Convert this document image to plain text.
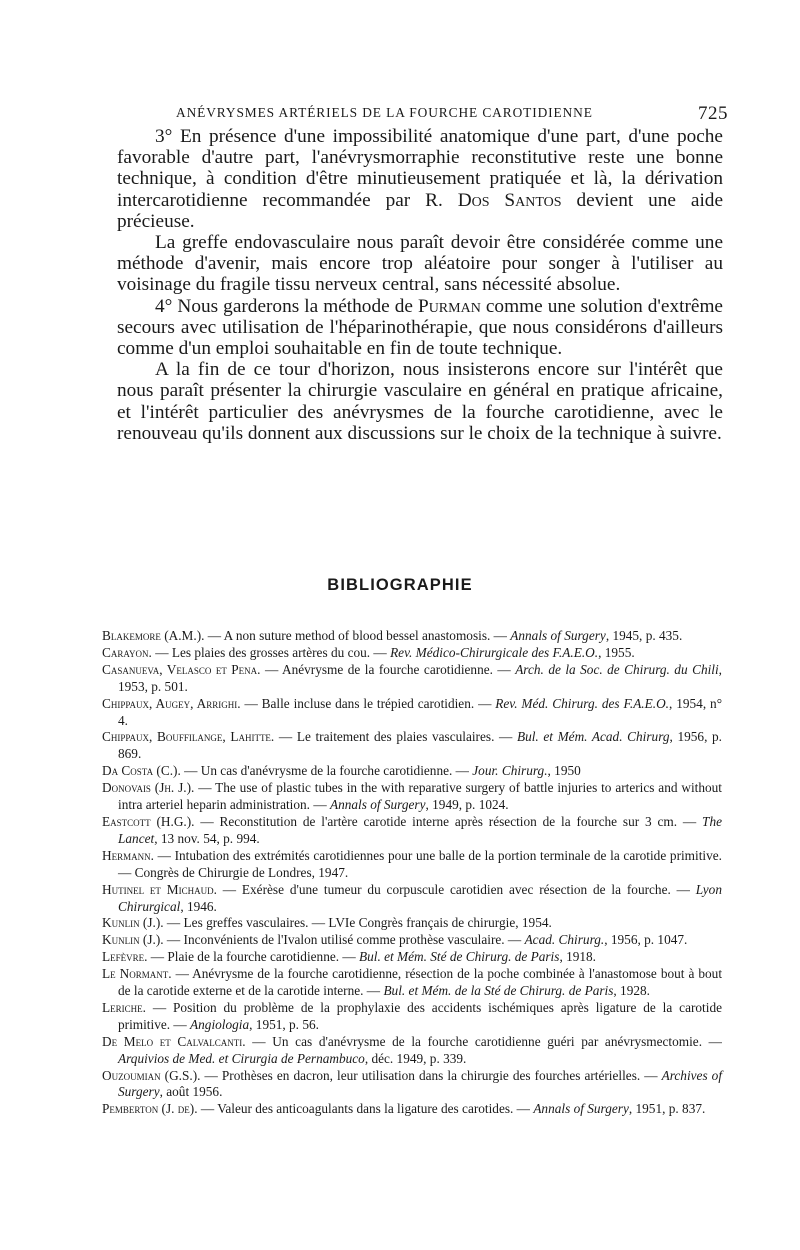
ANÉVRYSMES ARTÉRIELS DE LA FOURCHE CAROTIDIENNE	725

3° En présence d'une impossibilité anatomique d'une part, d'une poche favorable d'autre part, l'anévrysmorraphie reconstitutive reste une bonne technique, à condition d'être minutieusement pratiquée et là, la dérivation intercarotidienne recommandée par R. Dos Santos devient une aide précieuse.

La greffe endovasculaire nous paraît devoir être considérée comme une méthode d'avenir, mais encore trop aléatoire pour songer à l'utiliser au voisinage du fragile tissu nerveux central, sans nécessité absolue.

4° Nous garderons la méthode de Purman comme une solution d'extrême secours avec utilisation de l'héparinothérapie, que nous considérons d'ailleurs comme d'un emploi souhaitable en fin de toute technique.

A la fin de ce tour d'horizon, nous insisterons encore sur l'intérêt que nous paraît présenter la chirurgie vasculaire en général en pratique africaine, et l'intérêt particulier des anévrysmes de la fourche carotidienne, avec le renouveau qu'ils donnent aux discussions sur le choix de la technique à suivre.

BIBLIOGRAPHIE
Blakemore (A.M.). — A non suture method of blood bessel anastomosis. — Annals of Surgery, 1945, p. 435.
Carayon. — Les plaies des grosses artères du cou. — Rev. Médico-Chirurgicale des F.A.E.O., 1955.
Casanueva, Velasco et Pena. — Anévrysme de la fourche carotidienne. — Arch. de la Soc. de Chirurg. du Chili, 1953, p. 501.
Chippaux, Augey, Arrighi. — Balle incluse dans le trépied carotidien. — Rev. Méd. Chirurg. des F.A.E.O., 1954, n° 4.
Chippaux, Bouffilange, Lahitte. — Le traitement des plaies vasculaires. — Bul. et Mém. Acad. Chirurg, 1956, p. 869.
Da Costa (C.). — Un cas d'anévrysme de la fourche carotidienne. — Jour. Chirurg., 1950
Donovais (Jh. J.). — The use of plastic tubes in the with reparative surgery of battle injuries to arterics and without intra arteriel heparin administration. — Annals of Surgery, 1949, p. 1024.
Eastcott (H.G.). — Reconstitution de l'artère carotide interne après résection de la fourche sur 3 cm. — The Lancet, 13 nov. 54, p. 994.
Hermann. — Intubation des extrémités carotidiennes pour une balle de la portion terminale de la carotide primitive. — Congrès de Chirurgie de Londres, 1947.
Hutinel et Michaud. — Exérèse d'une tumeur du corpuscule carotidien avec résection de la fourche. — Lyon Chirurgical, 1946.
Kunlin (J.). — Les greffes vasculaires. — LVIe Congrès français de chirurgie, 1954.
Kunlin (J.). — Inconvénients de l'Ivalon utilisé comme prothèse vasculaire. — Acad. Chirurg., 1956, p. 1047.
Lefèvre. — Plaie de la fourche carotidienne. — Bul. et Mém. Sté de Chirurg. de Paris, 1918.
Le Normant. — Anévrysme de la fourche carotidienne, résection de la poche combinée à l'anastomose bout à bout de la carotide externe et de la carotide interne. — Bul. et Mém. de la Sté de Chirurg. de Paris, 1928.
Leriche. — Position du problème de la prophylaxie des accidents ischémiques après ligature de la carotide primitive. — Angiologia, 1951, p. 56.
De Melo et Calvalcanti. — Un cas d'anévrysme de la fourche carotidienne guéri par anévrysmectomie. — Arquivios de Med. et Cirurgia de Pernambuco, déc. 1949, p. 339.
Ouzoumian (G.S.). — Prothèses en dacron, leur utilisation dans la chirurgie des fourches artérielles. — Archives of Surgery, août 1956.
Pemberton (J. de). — Valeur des anticoagulants dans la ligature des carotides. — Annals of Surgery, 1951, p. 837.
